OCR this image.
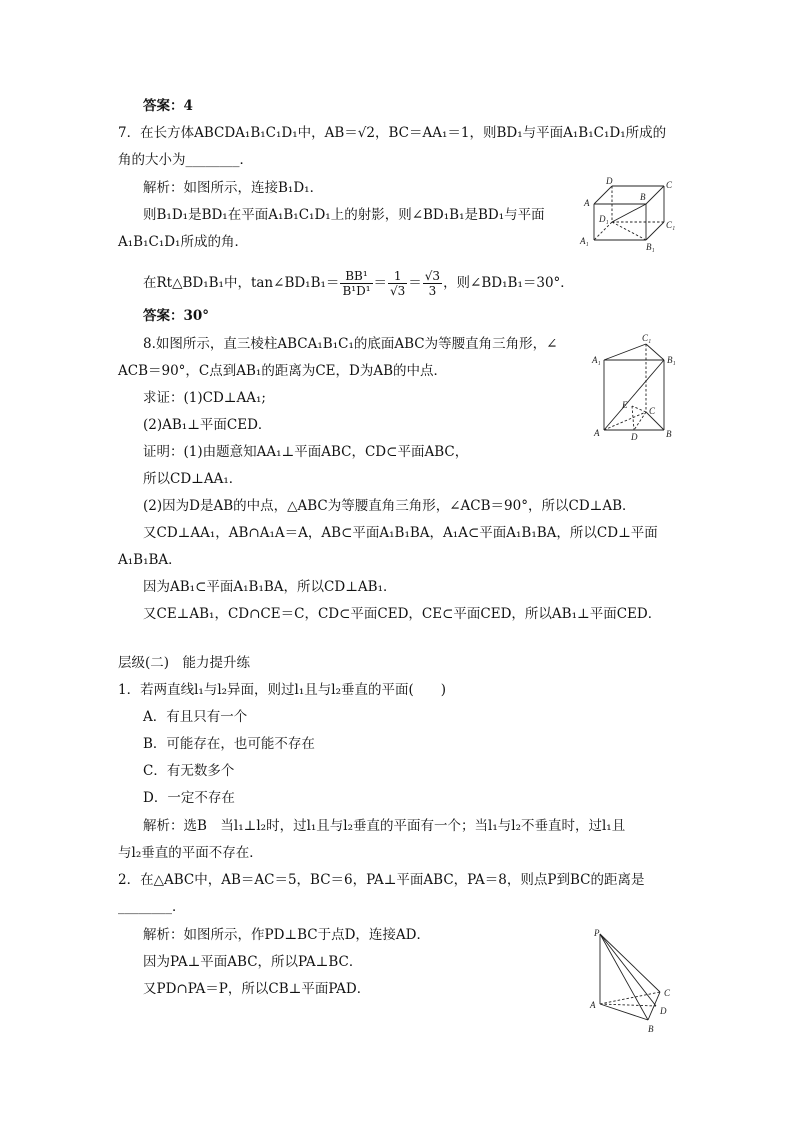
答案：4
7．在长方体ABCDA₁B₁C₁D₁中，AB＝√2，BC＝AA₁＝1，则BD₁与平面A₁B₁C₁D₁所成的
角的大小为________．
解析：如图所示，连接B₁D₁．
则B₁D₁是BD₁在平面A₁B₁C₁D₁上的射影，则∠BD₁B₁是BD₁与平面
A₁B₁C₁D₁所成的角．
在Rt△BD₁B₁中，tan∠BD₁B₁＝ $\frac{\text{BB¹}}{\text{B¹D¹}} = \frac{1}{√3} = \frac{√3}{3}$ ，则∠BD₁B₁＝30°．
答案：30°
8.如图所示，直三棱柱ABCA₁B₁C₁的底面ABC为等腰直角三角形，∠
ACB＝90°，C点到AB₁的距离为CE，D为AB的中点．
求证：(1)CD⊥AA₁;
(2)AB₁⊥平面CED．
证明：(1)由题意知AA₁⊥平面ABC，CD⊂平面ABC，
所以CD⊥AA₁．
(2)因为D是AB的中点，△ABC为等腰直角三角形，∠ACB＝90°，所以CD⊥AB．
又CD⊥AA₁，AB∩A₁A＝A，AB⊂平面A₁B₁BA，A₁A⊂平面A₁B₁BA，所以CD⊥平面
A₁B₁BA．
因为AB₁⊂平面A₁B₁BA，所以CD⊥AB₁．
又CE⊥AB₁，CD∩CE＝C，CD⊂平面CED，CE⊂平面CED，所以AB₁⊥平面CED．
层级(二)　能力提升练
1．若两直线l₁与l₂异面，则过l₁且与l₂垂直的平面(　　)
A．有且只有一个
B．可能存在，也可能不存在
C．有无数多个
D．一定不存在
解析：选B　当l₁⊥l₂时，过l₁且与l₂垂直的平面有一个；当l₁与l₂不垂直时，过l₁且
与l₂垂直的平面不存在．
2．在△ABC中，AB＝AC＝5，BC＝6，PA⊥平面ABC，PA＝8，则点P到BC的距离是
________．
解析：如图所示，作PD⊥BC于点D，连接AD．
因为PA⊥平面ABC，所以PA⊥BC．
又PD∩PA＝P，所以CB⊥平面PAD．
D	C
B
A
D₁
C₁
A₁
B₁
C₁
A₁	B₁
E
C
A	B
D
P
A
C
D
B
